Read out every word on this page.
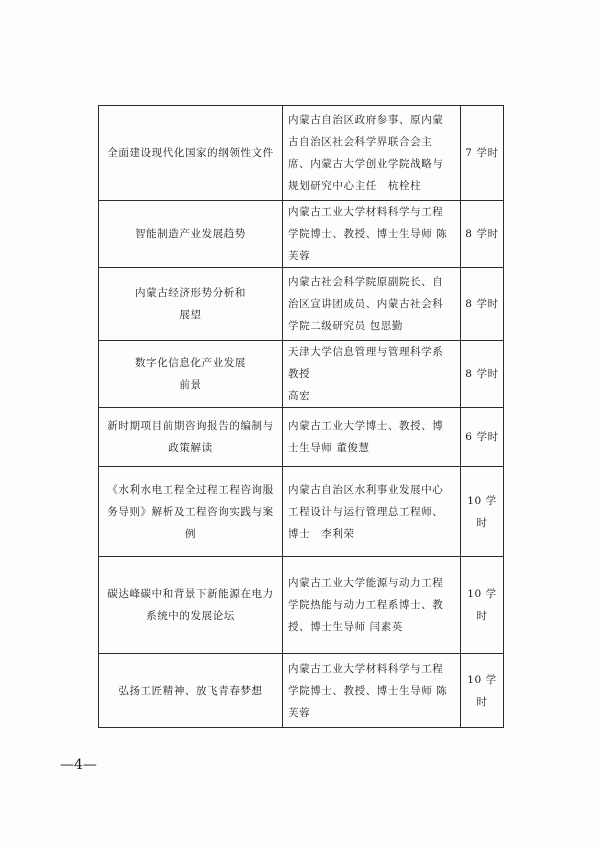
全面建设现代化国家的纲领性文件	内蒙古自治区政府参事、原内蒙古自治区社会科学界联合会主席、内蒙古大学创业学院战略与规划研究中心主任　杭栓柱	7 学时

智能制造产业发展趋势	内蒙古工业大学材料科学与工程学院博士、教授、博士生导师 陈芙蓉	8 学时

内蒙古经济形势分析和
展望	内蒙古社会科学院原副院长、自治区宣讲团成员、内蒙古社会科学院二级研究员 包思勤	8 学时

数字化信息化产业发展
前景	天津大学信息管理与管理科学系教授
高宏	8 学时

新时期项目前期咨询报告的编制与政策解读	内蒙古工业大学博士、教授、博士生导师 董俊慧	6 学时

《水利水电工程全过程工程咨询服务导则》解析及工程咨询实践与案例	内蒙古自治区水利事业发展中心工程设计与运行管理总工程师、博士　李利荣	10 学
时

碳达峰碳中和背景下新能源在电力系统中的发展论坛	内蒙古工业大学能源与动力工程学院热能与动力工程系博士、教授、博士生导师 闫素英	10 学
时

弘扬工匠精神、放飞青春梦想	内蒙古工业大学材料科学与工程学院博士、教授、博士生导师 陈芙蓉	10 学
时
—4—
